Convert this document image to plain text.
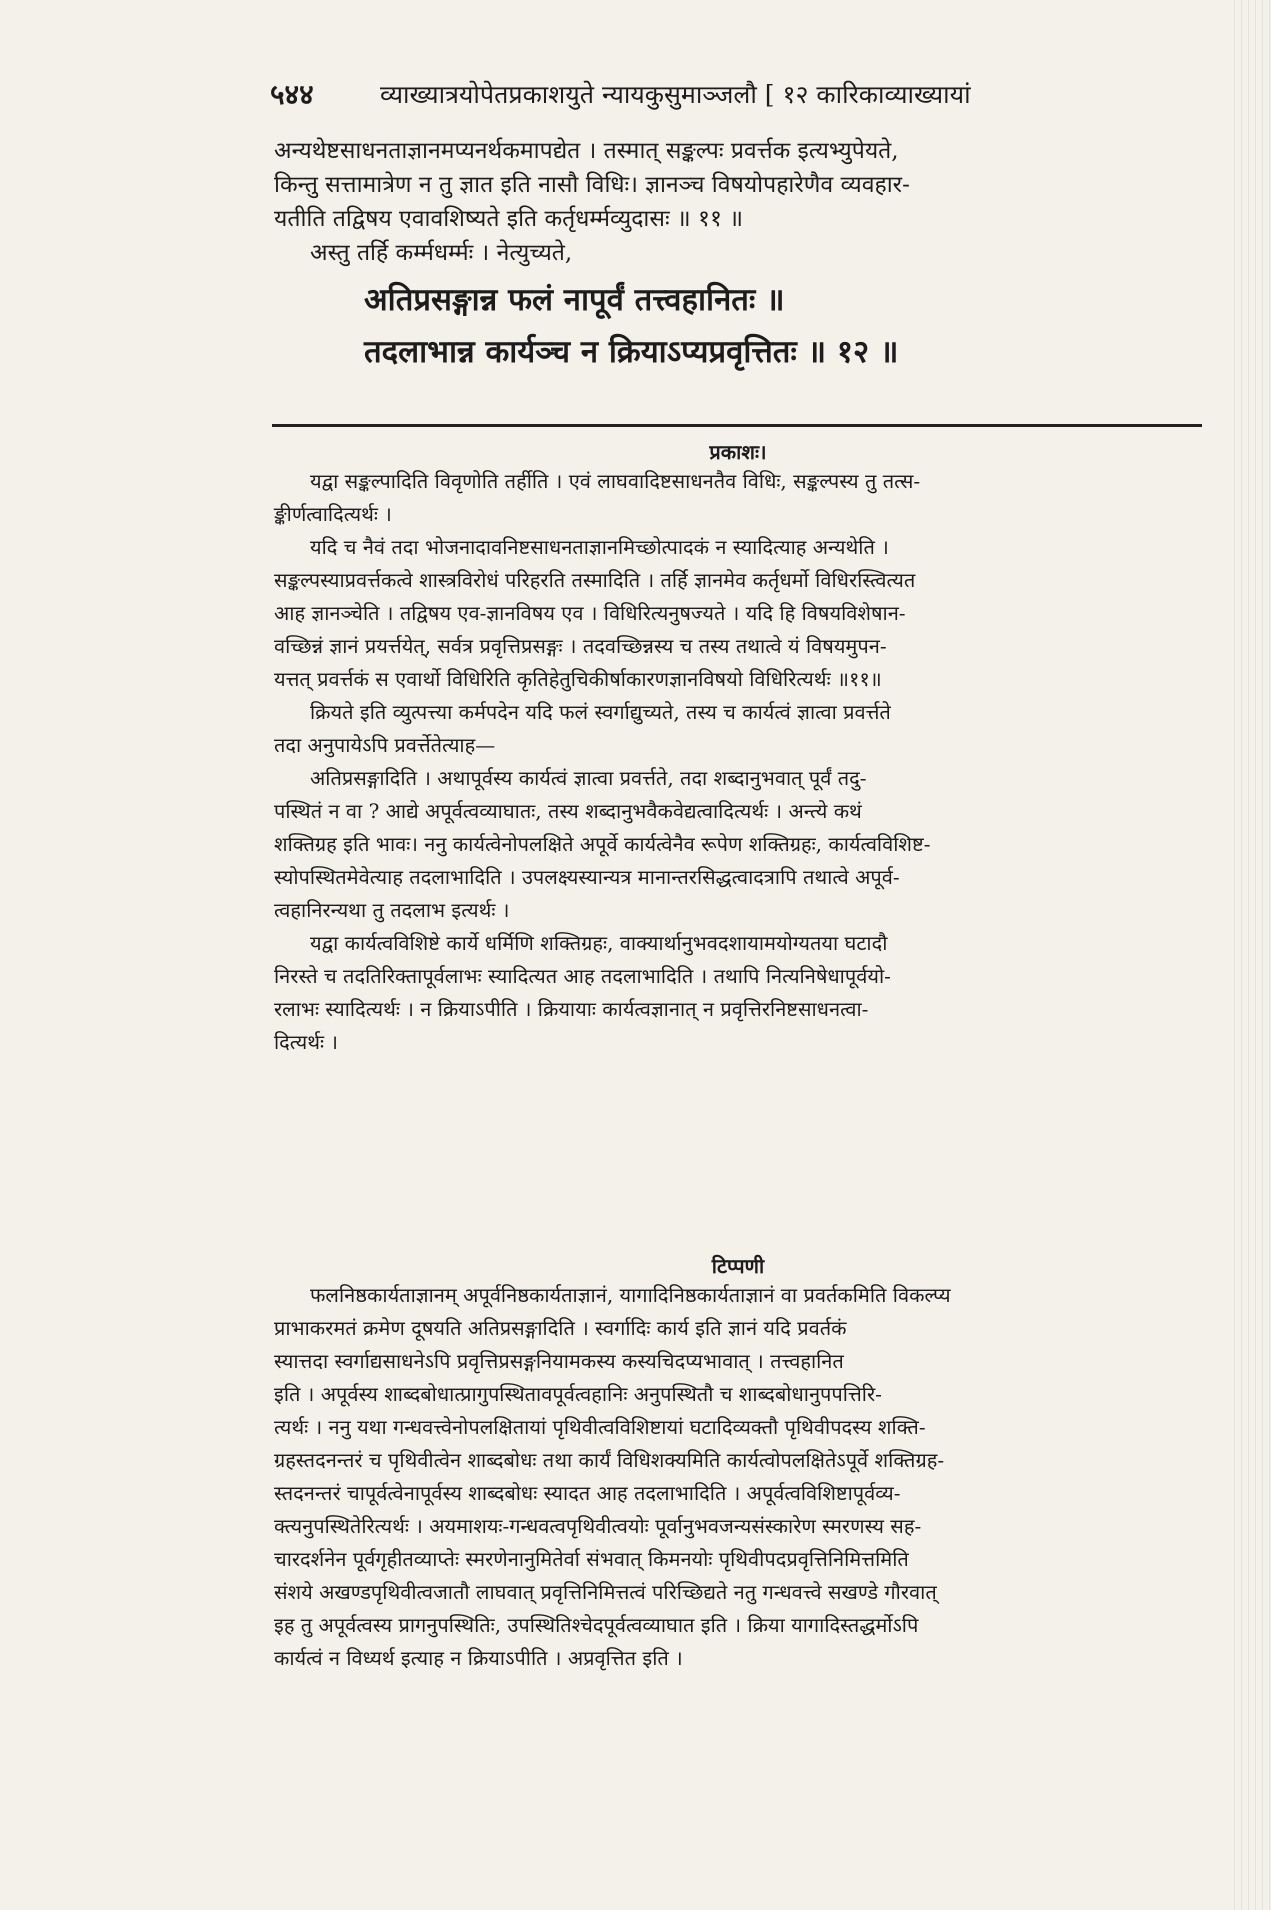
५४४	व्याख्यात्रयोपेतप्रकाशयुते न्यायकुसुमाञ्जलौ [ १२ कारिकाव्याख्यायां

अन्यथेष्टसाधनताज्ञानमप्यनर्थकमापद्येत । तस्मात् सङ्कल्पः प्रवर्त्तक इत्यभ्युपेयते,

किन्तु सत्तामात्रेण न तु ज्ञात इति नासौ विधिः। ज्ञानञ्च विषयोपहारेणैव व्यवहार-

यतीति तद्विषय एवावशिष्यते इति कर्तृधर्म्मव्युदासः ॥ ११ ॥

अस्तु तर्हि कर्म्मधर्म्मः । नेत्युच्यते,

अतिप्रसङ्गान्न फलं नापूर्वं तत्त्वहानितः ॥

तदलाभान्न कार्यञ्च न क्रियाऽप्यप्रवृत्तितः ॥ १२ ॥

प्रकाशः।

यद्वा सङ्कल्पादिति विवृणोति तर्हीति । एवं लाघवादिष्टसाधनतैव विधिः, सङ्कल्पस्य तु तत्स-

ङ्कीर्णत्वादित्यर्थः ।

यदि च नैवं तदा भोजनादावनिष्टसाधनताज्ञानमिच्छोत्पादकं न स्यादित्याह अन्यथेति ।

सङ्कल्पस्याप्रवर्त्तकत्वे शास्त्रविरोधं परिहरति तस्मादिति । तर्हि ज्ञानमेव कर्तृधर्मो विधिरस्त्वित्यत

आह ज्ञानञ्चेति । तद्विषय एव-ज्ञानविषय एव । विधिरित्यनुषज्यते । यदि हि विषयविशेषान-

वच्छिन्नं ज्ञानं प्रयर्त्तयेत्, सर्वत्र प्रवृत्तिप्रसङ्गः । तदवच्छिन्नस्य च तस्य तथात्वे यं विषयमुपन-

यत्तत् प्रवर्त्तकं स एवार्थो विधिरिति कृतिहेतुचिकीर्षाकारणज्ञानविषयो विधिरित्यर्थः ॥११॥

क्रियते इति व्युत्पत्त्या कर्मपदेन यदि फलं स्वर्गाद्युच्यते, तस्य च कार्यत्वं ज्ञात्वा प्रवर्त्तते

तदा अनुपायेऽपि प्रवर्त्तेतेत्याह—

अतिप्रसङ्गादिति । अथापूर्वस्य कार्यत्वं ज्ञात्वा प्रवर्त्तते, तदा शब्दानुभवात् पूर्वं तदु-

पस्थितं न वा ? आद्ये अपूर्वत्वव्याघातः, तस्य शब्दानुभवैकवेद्यत्वादित्यर्थः । अन्त्ये कथं

शक्तिग्रह इति भावः। ननु कार्यत्वेनोपलक्षिते अपूर्वे कार्यत्वेनैव रूपेण शक्तिग्रहः, कार्यत्वविशिष्ट-

स्योपस्थितमेवेत्याह तदलाभादिति । उपलक्ष्यस्यान्यत्र मानान्तरसिद्धत्वादत्रापि तथात्वे अपूर्व-

त्वहानिरन्यथा तु तदलाभ इत्यर्थः ।

यद्वा कार्यत्वविशिष्टे कार्ये धर्मिणि शक्तिग्रहः, वाक्यार्थानुभवदशायामयोग्यतया घटादौ

निरस्ते च तदतिरिक्तापूर्वलाभः स्यादित्यत आह तदलाभादिति । तथापि नित्यनिषेधापूर्वयो-

रलाभः स्यादित्यर्थः । न क्रियाऽपीति । क्रियायाः कार्यत्वज्ञानात् न प्रवृत्तिरनिष्टसाधनत्वा-

दित्यर्थः ।

टिप्पणी

फलनिष्ठकार्यताज्ञानम् अपूर्वनिष्ठकार्यताज्ञानं, यागादिनिष्ठकार्यताज्ञानं वा प्रवर्तकमिति विकल्प्य

प्राभाकरमतं क्रमेण दूषयति अतिप्रसङ्गादिति । स्वर्गादिः कार्य इति ज्ञानं यदि प्रवर्तकं

स्यात्तदा स्वर्गाद्यसाधनेऽपि प्रवृत्तिप्रसङ्गनियामकस्य कस्यचिदप्यभावात् । तत्त्वहानित

इति । अपूर्वस्य शाब्दबोधात्प्रागुपस्थितावपूर्वत्वहानिः अनुपस्थितौ च शाब्दबोधानुपपत्तिरि-

त्यर्थः । ननु यथा गन्धवत्त्वेनोपलक्षितायां पृथिवीत्वविशिष्टायां घटादिव्यक्तौ पृथिवीपदस्य शक्ति-

ग्रहस्तदनन्तरं च पृथिवीत्वेन शाब्दबोधः तथा कार्यं विधिशक्यमिति कार्यत्वोपलक्षितेऽपूर्वे शक्तिग्रह-

स्तदनन्तरं चापूर्वत्वेनापूर्वस्य शाब्दबोधः स्यादत आह तदलाभादिति । अपूर्वत्वविशिष्टापूर्वव्य-

क्त्यनुपस्थितेरित्यर्थः । अयमाशयः-गन्धवत्वपृथिवीत्वयोः पूर्वानुभवजन्यसंस्कारेण स्मरणस्य सह-

चारदर्शनेन पूर्वगृहीतव्याप्तेः स्मरणेनानुमितेर्वा संभवात् किमनयोः पृथिवीपदप्रवृत्तिनिमित्तमिति

संशये अखण्डपृथिवीत्वजातौ लाघवात् प्रवृत्तिनिमित्तत्वं परिच्छिद्यते नतु गन्धवत्त्वे सखण्डे गौरवात्

इह तु अपूर्वत्वस्य प्रागनुपस्थितिः, उपस्थितिश्चेदपूर्वत्वव्याघात इति । क्रिया यागादिस्तद्धर्मोऽपि

कार्यत्वं न विध्यर्थ इत्याह न क्रियाऽपीति । अप्रवृत्तित इति ।
